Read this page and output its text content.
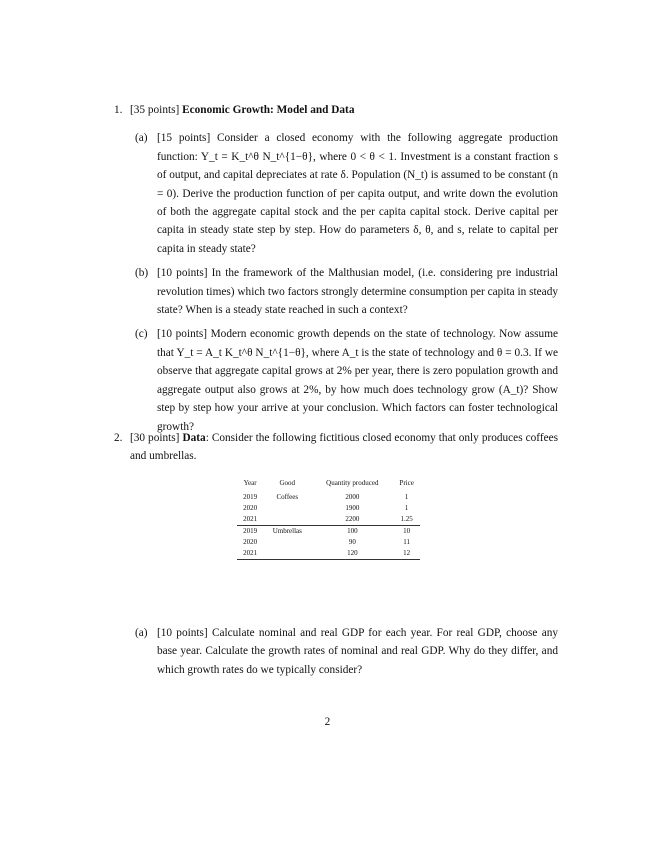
1. [35 points] Economic Growth: Model and Data
(a) [15 points] Consider a closed economy with the following aggregate production function: Y_t = K_t^θ N_t^{1−θ}, where 0 < θ < 1. Investment is a constant fraction s of output, and capital depreciates at rate δ. Population (N_t) is assumed to be constant (n = 0). Derive the production function of per capita output, and write down the evolution of both the aggregate capital stock and the per capita capital stock. Derive capital per capita in steady state step by step. How do parameters δ, θ, and s, relate to capital per capita in steady state?
(b) [10 points] In the framework of the Malthusian model, (i.e. considering pre industrial revolution times) which two factors strongly determine consumption per capita in steady state? When is a steady state reached in such a context?
(c) [10 points] Modern economic growth depends on the state of technology. Now assume that Y_t = A_t K_t^θ N_t^{1−θ}, where A_t is the state of technology and θ = 0.3. If we observe that aggregate capital grows at 2% per year, there is zero population growth and aggregate output also grows at 2%, by how much does technology grow (A_t)? Show step by step how your arrive at your conclusion. Which factors can foster technological growth?
2. [30 points] Data: Consider the following fictitious closed economy that only produces coffees and umbrellas.
Year	Good	Quantity produced	Price
2019	Coffees	2000	1
2020		1900	1
2021		2200	1.25
2019	Umbrellas	100	10
2020		90	11
2021		120	12
(a) [10 points] Calculate nominal and real GDP for each year. For real GDP, choose any base year. Calculate the growth rates of nominal and real GDP. Why do they differ, and which growth rates do we typically consider?
2
